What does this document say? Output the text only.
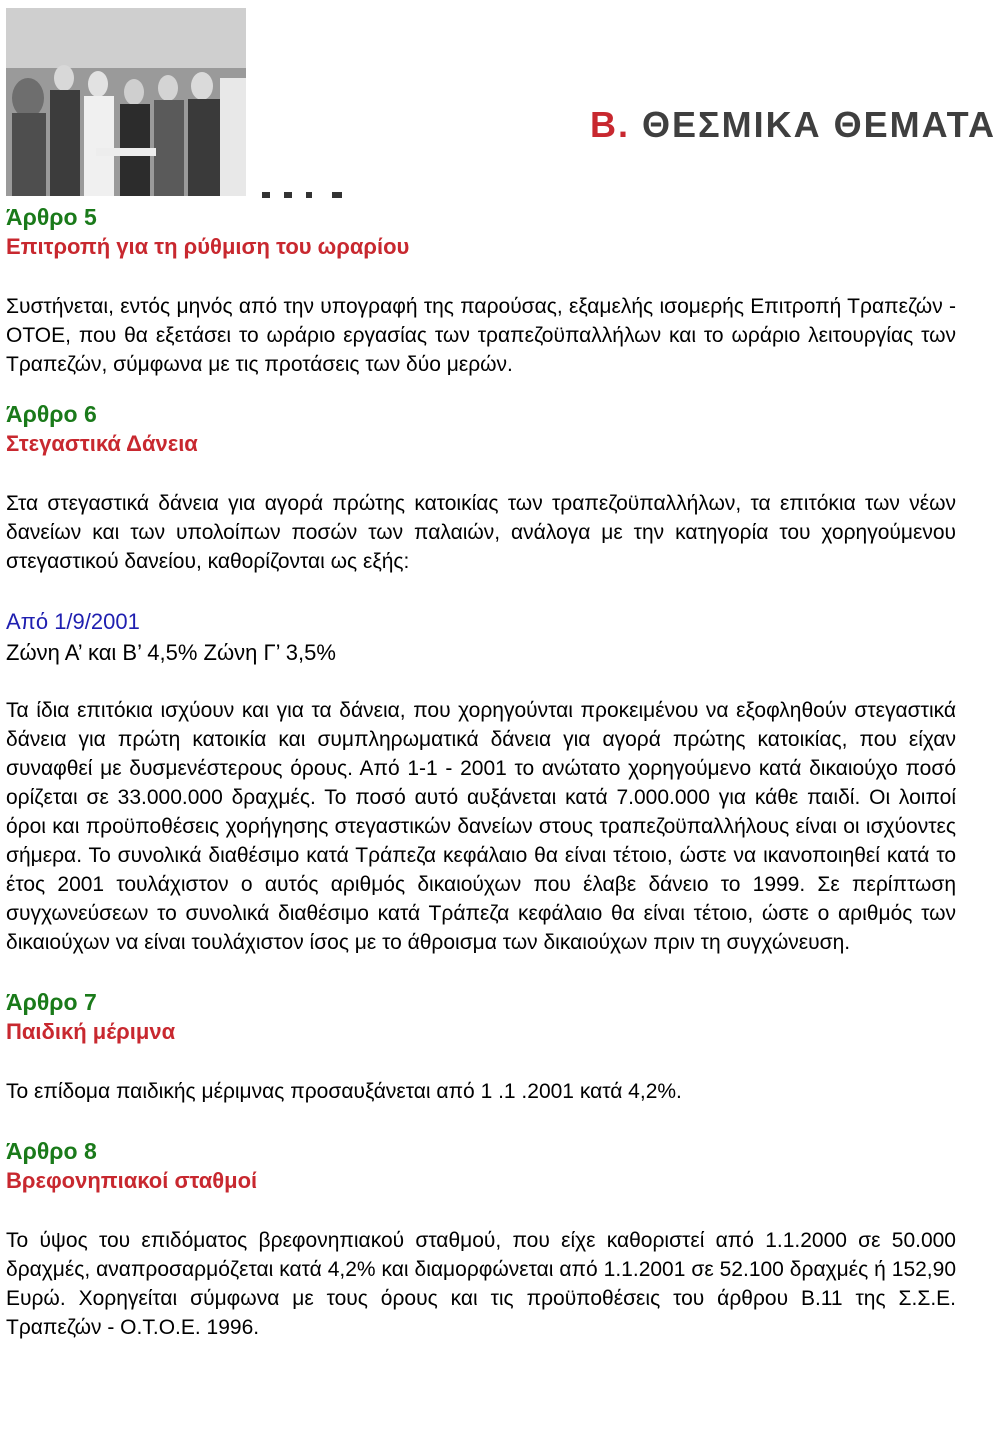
Β. ΘΕΣΜΙΚΑ ΘΕΜΑΤΑ
Άρθρο 5
Επιτροπή για τη ρύθμιση του ωραρίου

Συστήνεται, εντός μηνός από την υπογραφή της παρούσας, εξαμελής ισομερής Επιτροπή Τραπεζών - ΟΤΟΕ, που θα εξετάσει το ωράριο εργασίας των τραπεζοϋπαλλήλων και το ωράριο λειτουργίας των Τραπεζών, σύμφωνα με τις προτάσεις των δύο μερών.

Άρθρο 6
Στεγαστικά Δάνεια

Στα στεγαστικά δάνεια για αγορά πρώτης κατοικίας των τραπεζοϋπαλλήλων, τα επιτόκια των νέων δανείων και των υπολοίπων ποσών των παλαιών, ανάλογα με την κατηγορία του χορηγούμενου στεγαστικού δανείου, καθορίζονται ως εξής:

Από 1/9/2001

Ζώνη Α’ και Β’ 4,5% Ζώνη Γ’ 3,5%

Τα ίδια επιτόκια ισχύουν και για τα δάνεια, που χορηγούνται προκειμένου να εξοφληθούν στεγαστικά δάνεια για πρώτη κατοικία και συμπληρωματικά δάνεια για αγορά πρώτης κατοικίας, που είχαν συναφθεί με δυσμενέστερους όρους. Από 1-1 - 2001 το ανώτατο χορηγούμενο κατά δικαιούχο ποσό ορίζεται σε 33.000.000 δραχμές. Το ποσό αυτό αυξάνεται κατά 7.000.000 για κάθε παιδί. Οι λοιποί όροι και προϋποθέσεις χορήγησης στεγαστικών δανείων στους τραπεζοϋπαλλήλους είναι οι ισχύοντες σήμερα. Το συνολικά διαθέσιμο κατά Τράπεζα κεφάλαιο θα είναι τέτοιο, ώστε να ικανοποιηθεί κατά το έτος 2001 τουλάχιστον ο αυτός αριθμός δικαιούχων που έλαβε δάνειο το 1999. Σε περίπτωση συγχωνεύσεων το συνολικά διαθέσιμο κατά Τράπεζα κεφάλαιο θα είναι τέτοιο, ώστε ο αριθμός των δικαιούχων να είναι τουλάχιστον ίσος με το άθροισμα των δικαιούχων πριν τη συγχώνευση.

Άρθρο 7
Παιδική μέριμνα

Το επίδομα παιδικής μέριμνας προσαυξάνεται από 1 .1 .2001 κατά 4,2%.

Άρθρο 8
Βρεφονηπιακοί σταθμοί

Το ύψος του επιδόματος βρεφονηπιακού σταθμού, που είχε καθοριστεί από 1.1.2000 σε 50.000 δραχμές, αναπροσαρμόζεται κατά 4,2% και διαμορφώνεται από 1.1.2001 σε 52.100 δραχμές ή 152,90 Ευρώ. Χορηγείται σύμφωνα με τους όρους και τις προϋποθέσεις του άρθρου Β.11 της Σ.Σ.Ε. Τραπεζών - Ο.Τ.Ο.Ε. 1996.
